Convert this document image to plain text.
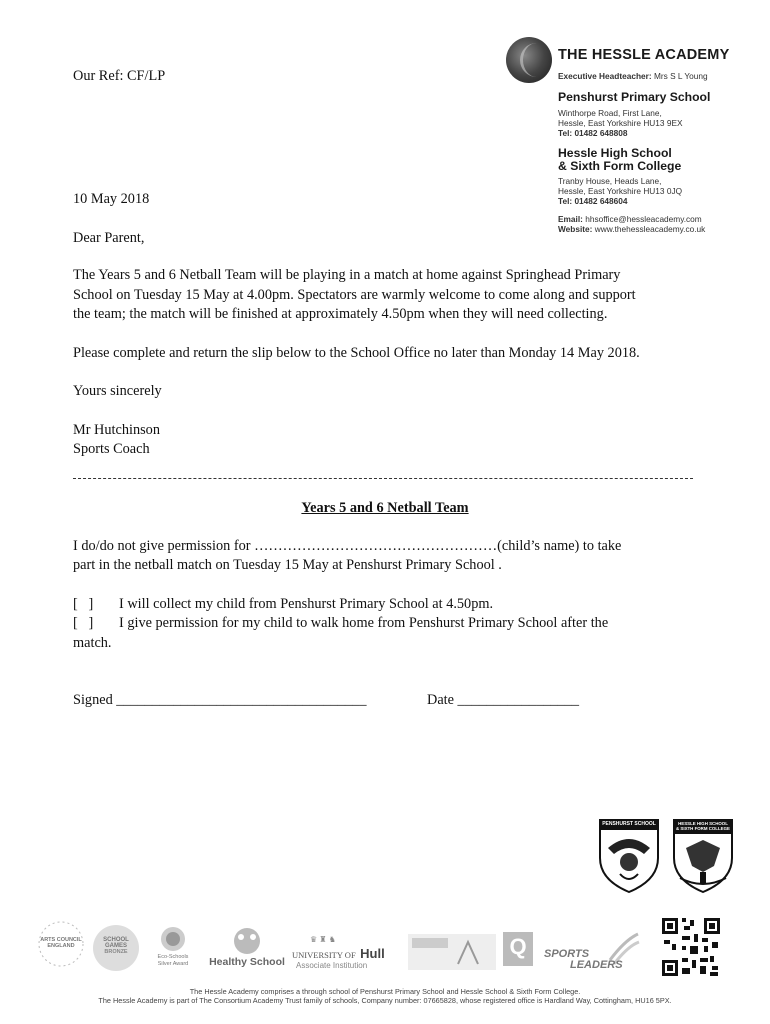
THE HESSLE ACADEMY
Executive Headteacher: Mrs S L Young
Penshurst Primary School
Winthorpe Road, First Lane,
Hessle, East Yorkshire HU13 9EX
Tel: 01482 648808
Hessle High School
& Sixth Form College
Tranby House, Heads Lane,
Hessle, East Yorkshire HU13 0JQ
Tel: 01482 648604
Email: hhsoffice@hessleacademy.com
Website: www.thehessleacademy.co.uk
Our Ref: CF/LP
10 May 2018
Dear Parent,
The Years 5 and 6 Netball Team will be playing in a match at home against Springhead Primary
School on Tuesday 15 May at 4.00pm. Spectators are warmly welcome to come along and support
the team; the match will be finished at approximately 4.50pm when they will need collecting.
Please complete and return the slip below to the School Office no later than Monday 14 May 2018.
Yours sincerely
Mr Hutchinson
Sports Coach
Years 5 and 6 Netball Team
I do/do not give permission for ……………………………………………(child’s name) to take
part in the netball match on Tuesday 15 May at Penshurst Primary School .
[   ] I will collect my child from Penshurst Primary School at 4.50pm.
[   ] I give permission for my child to walk home from Penshurst Primary School after the
match.
Signed ___________________________________	Date _________________
PENSHURST SCHOOL	HESSLE HIGH SCHOOL
& SIXTH FORM COLLEGE
ARTS COUNCIL ENGLAND
SCHOOL GAMES
BRONZE
Eco-Schools
Silver Award	Healthy School
♛ ♜ ♞
UNIVERSITY OF Hull
Associate Institution
Q	SPORTS
LEADERS
The Hessle Academy comprises a through school of Penshurst Primary School and Hessle School & Sixth Form College.
The Hessle Academy is part of The Consortium Academy Trust family of schools, Company number: 07665828, whose registered office is Hardland Way, Cottingham, HU16 5PX.
